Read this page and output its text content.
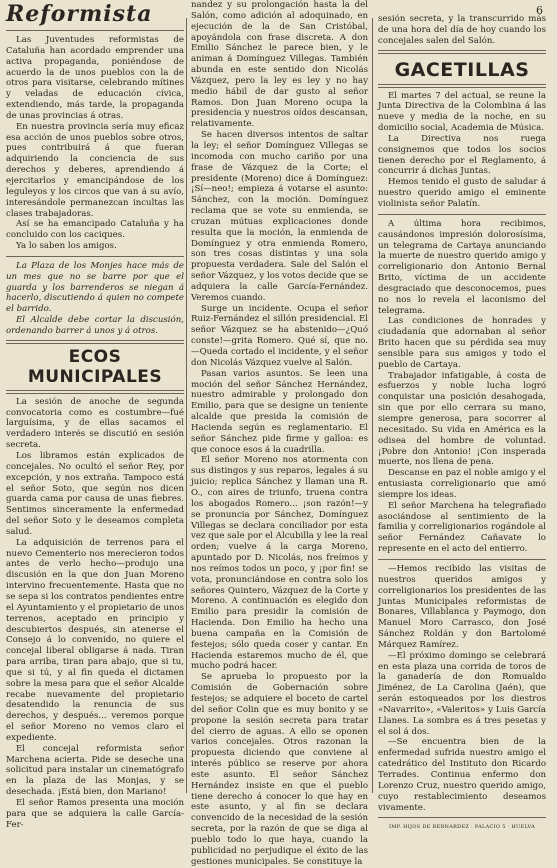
6
Reformista

Las Juventudes reformistas de Cataluña han acordado emprender una activa propaganda, poniéndose de acuerdo la de unos pueblos con la de otros para visitarse, celebrando mítines y veladas de educación cívica, extendiendo, más tarde, la propaganda de unas provincias á otras.

En nuestra provincia sería muy eficaz esa acción de unos pueblos sobre otros, pues contribuirá á que fueran adquiriendo la conciencia de sus derechos y deberes, aprendiendo á ejercitarlos y emancipándose de los leguleyos y los circos que van á su avío, interesándole permanezcan incultas las clases trabajadoras.

Así se ha emancipado Cataluña y ha concluido con los caciques.

Ya lo saben los amigos.

La Plaza de los Monjes hace más de un mes que no se barre por que el guarda y los barrenderos se niegan á hacerlo, discutiendo á quien no compete el barrido.

El Alcalde debe cortar la discusión, ordenando barrer á unos y á otros.

ECOS MUNICIPALES

La sesión de anoche de segunda convocatoria como es costumbre—fué larguísima, y de ellas sacamos el verdadero interés se discutió en sesión secreta.

Los libramos están explicados de concejales. No ocultó el señor Rey, por excepción, y nos extraña. Tampoco está el señor Soto, que según nos dicen guarda cama por causa de unas fiebres. Sentimos sinceramente la enfermedad del señor Soto y le deseamos completa salud.

La adquisición de terrenos para el nuevo Cementerio nos merecieron todos antes de verlo hecho—produjo una discusión en la que don Juan Moreno intervino frecuentemente. Hasta que no se sepa si los contratos pendientes entre el Ayuntamiento y el propietario de unos terrenos, aceptado en principio y descubiertos después, sin atenerse el Consejo á lo convenido, no quiere el concejal liberal obligarse á nada. Tiran para arriba, tiran para abajo, que si tu, que si tú, y al fin queda el dictamen sobre la mesa para que el señor Alcalde recabe nuevamente del propietario desatendido la renuncia de sus derechos, y después... veremos porque el señor Moreno no vemos claro el expediente.

El concejal reformista señor Marchena acierta. Pide se deseche una solicitud para instalar un cinematógrafo en la plaza de las Monjas, y se desechada. ¡Está bien, don Mariano!

El señor Ramos presenta una moción para que se adquiera la calle García-Fer-

nandez y su prolongación hasta la del Salón, como adición al adoquinado, en ejecución de la de San Cristóbal, apoyándola con frase discreta. A don Emilio Sánchez le parece bien, y le animan á Domínguez Villegas. También abunda en este sentido don Nicolás Vázquez, pero la ley es ley y no hay medio hábil de dar gusto al señor Ramos. Don Juan Moreno ocupa la presidencia y nuestros oídos descansan, relativamente.

Se hacen diversos intentos de saltar la ley; el señor Domínguez Villegas se incomoda con mucho cariño por una frase de Vázquez de la Corte; el presidente (Moreno) dice á Domínguez: ¡Sí—neo!; empieza á votarse el asunto: Sánchez, con la moción. Domínguez reclama que se vote su enmienda, se cruzan mútuas explicaciones donde resulta que la moción, la enmienda de Domínguez y otra enmienda Romero, son tres cosas distintas y una sola propuesta verdadera. Sale del Salón el señor Vázquez, y los votos decide que se adquiera la calle García-Fernández. Veremos cuando.

Surge un incidente. Ocupa el señor Ruiz-Fernández el sillón presidencial. El señor Vázquez se ha abstenido—¿Quó conste!—grita Romero. Qué sí, que no. —Queda cortado el incidente, y el señor don Nicolás Vázquez vuelve al Salón.

Pasan varios asuntos. Se leen una moción del señor Sánchez Hernández, nuestro admirable y prolongado don Emilio, para que se designe un teniente alcalde que presida la comisión de Hacienda según es reglamentario. El señor Sánchez pide firme y galloa: es que conoce esos á la cuadrilla.

El señor Moreno nos atormenta con sus distingos y sus reparos, legales á su juicio; replica Sánchez y llaman una R. O., con aires de triunfo, truena contra los abogados Romero... ¡son razón!—y se pronuncia por Sánchez, Domínguez Villegas se declara conciliador por esta vez que sale por el Alcubilla y lee la real orden; vuelve á la carga Moreno, apuntado por D. Nicolás, nos freímos y nos reímos todos un poco, y ¡por fin! se vota, pronunciándose en contra solo los señores Quintero, Vázquez de la Corte y Moreno. A continuación es elegido don Emilio para presidir la comisión de Hacienda. Don Emilio ha hecho una buena campaña en la Comisión de festejos; sólo queda coser y cantar. En Hacienda estaremos mucho de él, que mucho podrá hacer.

Se aprueba lo propuesto por la Comisión de Gobernación sobre festejos; se adquiere el boceto de cartel del señor Colin que es muy bonito y se propone la sesión secreta para tratar del cierro de aguas. A ello se oponen varios concejales. Otros razonan la propuesta diciendo que conviene al interés público se reserve por ahora este asunto. El señor Sánchez Hernández insiste en que el pueblo tiene derecho á conocer lo que hay en este asunto, y al fin se declara convencido de la necesidad de la sesión secreta, por la razón de que se diga al pueblo todo lo que haya, cuando la publicidad no perjudique el éxito de las gestiones municipales. Se constituye la

sesión secreta, y la transcurrido más de una hora del día de hoy cuando los concejales salen del Salón.

GACETILLAS

El martes 7 del actual, se reune la Junta Directiva de la Colombina á las nueve y media de la noche, en su domicilio social, Academia de Música.

La Directiva nos ruega consignemos que todos los socios tienen derecho por el Reglamento, á concurrir á dichas Juntas.

Hemos tenido el gusto de saludar á nuestro querido amigo el eminente violinista señor Palatín.

A última hora recibimos, causándonos impresión dolorosísima, un telegrama de Cartaya anunciando la muerte de nuestro querido amigo y correligionario don Antonio Bernal Brito, víctima de un accidente desgraciado que desconocemos, pues no nos lo revela el laconismo del telegrama.

Las condiciones de honrades y ciudadanía que adornaban al señor Brito hacen que su pérdida sea muy sensible para sus amigos y todo el pueblo de Cartaya.

Trabajador infatigable, á costa de esfuerzos y noble lucha logró conquistar una posición desahogada, sin que por ello cerrara su mano, siempre generosa, para socorrer al necesitado. Su vida en América es la odisea del hombre de voluntad. ¡Pobre don Antonio! ¡Con insperada muerte, nos llena de pena.

Descanse en paz el noble amigo y el entusiasta correligionario que amó siempre los ideas.

El señor Marchena ha telegrafiado asociándose al sentimiento de la familia y correligionarios rogándole al señor Fernández Cañavate lo represente en el acto del entierro.

—Hemos recibido las visitas de nuestros queridos amigos y correligionarios los presidentes de las Juntas Municipales reformistas de Bonares, Villablanca y Paymogo, don Manuel Moro Carrasco, don José Sánchez Roldán y don Bartolomé Márquez Ramírez.

—El próximo domingo se celebrará en esta plaza una corrida de toros de la ganadería de don Romualdo Jiménez, de La Carolina (Jaén), que serán estoqueados por los diestros «Navarrito», «Valeritos» y Luis García Llanes. La sombra es á tres pesetas y el sol á dos.

—Se encuentra bien de la enfermedad sufrida nuestro amigo el catedrático del Instituto don Ricardo Terrades. Continua enfermo don Lorenzo Cruz, nuestro querido amigo, cuyo restablecimiento deseamos vivamente.

IMP. HIJOS DE BERNARDEZ · PALACIO 5 · HUELVA
